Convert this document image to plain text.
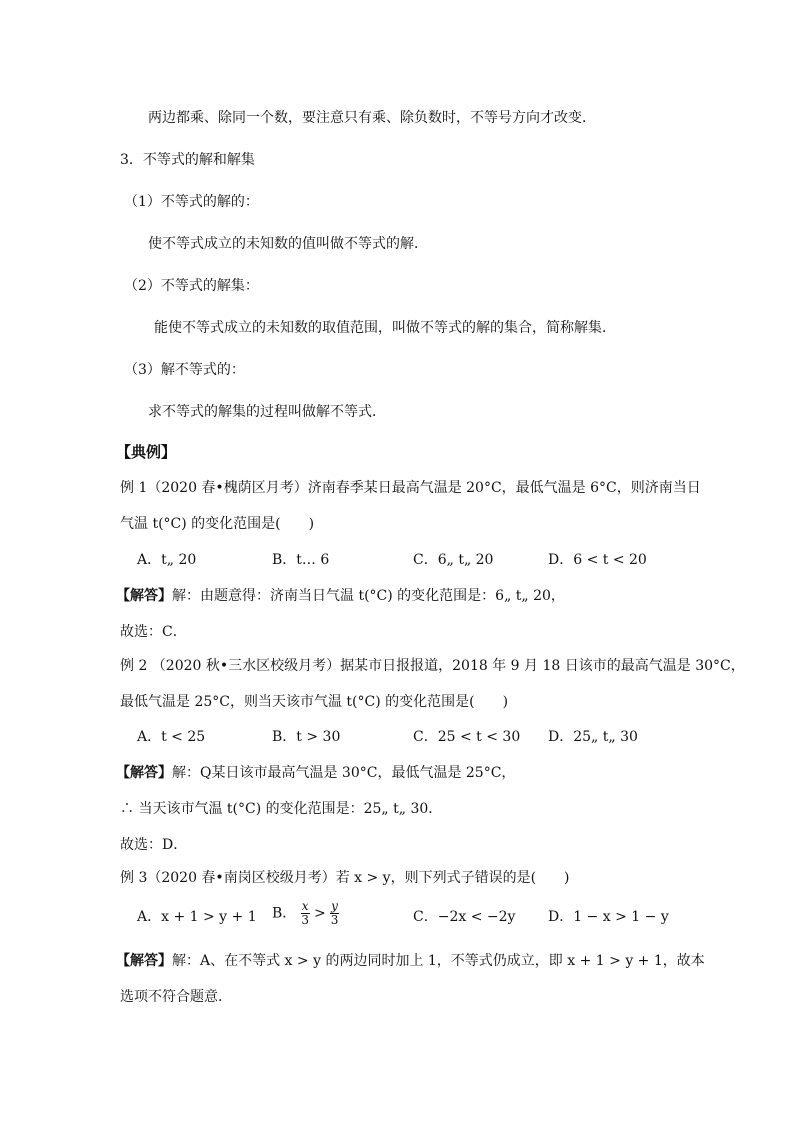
两边都乘、除同一个数，要注意只有乘、除负数时，不等号方向才改变．
3．不等式的解和解集
（1）不等式的解的：
使不等式成立的未知数的值叫做不等式的解．
（2）不等式的解集：
能使不等式成立的未知数的取值范围，叫做不等式的解的集合，简称解集．
（3）解不等式的：
求不等式的解集的过程叫做解不等式．
【典例】
例 1（2020 春•槐荫区月考）济南春季某日最高气温是 20°C，最低气温是 6°C，则济南当日
气温 t(°C) 的变化范围是(　　)
A．t„ 20	B．t… 6	C．6„ t„ 20	D．6 < t < 20
【解答】解：由题意得：济南当日气温 t(°C) 的变化范围是：6„ t„ 20，
故选：C．
例 2 （2020 秋•三水区校级月考）据某市日报报道，2018 年 9 月 18 日该市的最高气温是 30°C，
最低气温是 25°C，则当天该市气温 t(°C) 的变化范围是(　　)
A．t < 25	B．t > 30	C．25 < t < 30 D．25„ t„ 30
【解答】解：Q某日该市最高气温是 30°C，最低气温是 25°C，
∴ 当天该市气温 t(°C) 的变化范围是：25„ t„ 30．
故选：D．
例 3（2020 春•南岗区校级月考）若 x > y，则下列式子错误的是(　　)
A．x + 1 > y + 1 B． $\frac{x}{3} > \frac{y}{3}$	C．−2x < −2y D．1 − x > 1 − y
【解答】解：A、在不等式 x > y 的两边同时加上 1，不等式仍成立，即 x + 1 > y + 1，故本
选项不符合题意．
